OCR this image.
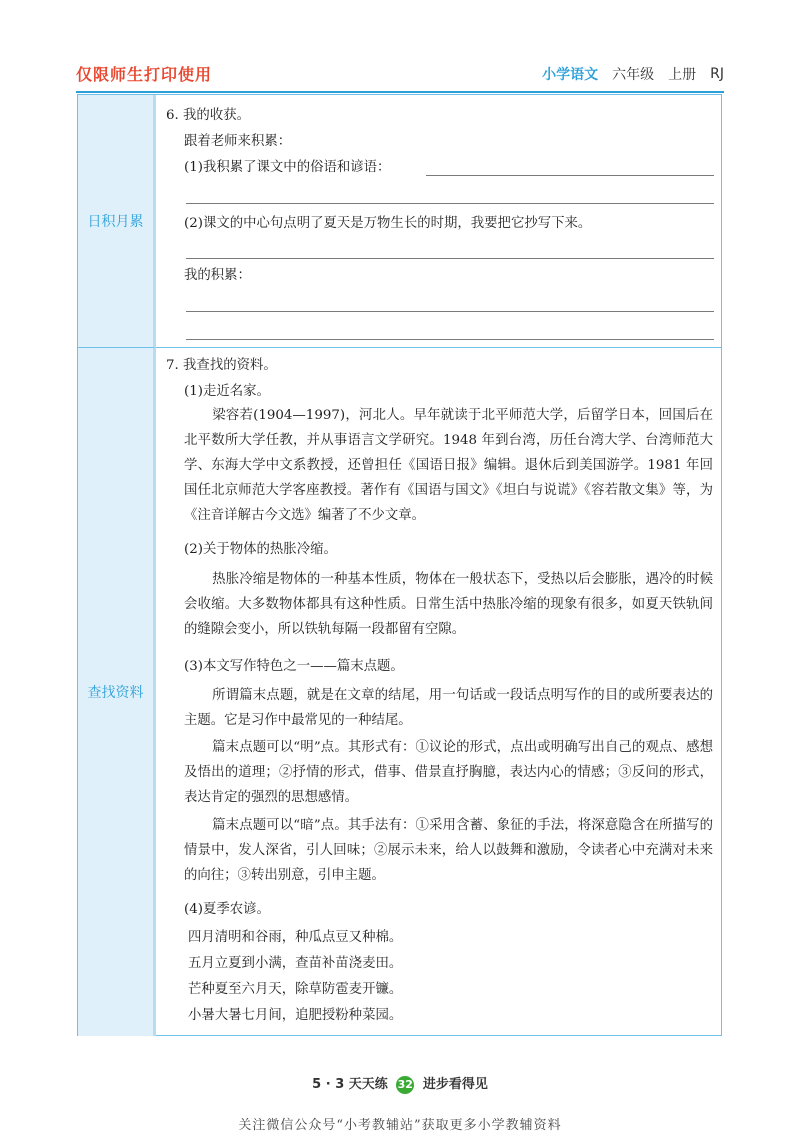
仅限师生打印使用	小学语文 六年级 上册 RJ
日积月累
查找资料
6. 我的收获。
跟着老师来积累：
(1)我积累了课文中的俗语和谚语：
(2)课文的中心句点明了夏天是万物生长的时期，我要把它抄写下来。
我的积累：
7. 我查找的资料。
(1)走近名家。
梁容若(1904—1997)，河北人。早年就读于北平师范大学，后留学日本，回国后在北平数所大学任教，并从事语言文学研究。1948 年到台湾，历任台湾大学、台湾师范大学、东海大学中文系教授，还曾担任《国语日报》编辑。退休后到美国游学。1981 年回国任北京师范大学客座教授。著作有《国语与国文》《坦白与说谎》《容若散文集》等，为《注音详解古今文选》编著了不少文章。
(2)关于物体的热胀冷缩。
热胀冷缩是物体的一种基本性质，物体在一般状态下，受热以后会膨胀，遇冷的时候会收缩。大多数物体都具有这种性质。日常生活中热胀冷缩的现象有很多，如夏天铁轨间的缝隙会变小，所以铁轨每隔一段都留有空隙。
(3)本文写作特色之一——篇末点题。
所谓篇末点题，就是在文章的结尾，用一句话或一段话点明写作的目的或所要表达的主题。它是习作中最常见的一种结尾。
篇末点题可以“明”点。其形式有：①议论的形式，点出或明确写出自己的观点、感想及悟出的道理；②抒情的形式，借事、借景直抒胸臆，表达内心的情感；③反问的形式，表达肯定的强烈的思想感情。
篇末点题可以“暗”点。其手法有：①采用含蓄、象征的手法，将深意隐含在所描写的情景中，发人深省，引人回味；②展示未来，给人以鼓舞和激励，令读者心中充满对未来的向往；③转出别意，引申主题。
(4)夏季农谚。
四月清明和谷雨，种瓜点豆又种棉。
五月立夏到小满，查苗补苗浇麦田。
芒种夏至六月天，除草防雹麦开镰。
小暑大暑七月间，追肥授粉种菜园。
5 · 3 天天练 32 进步看得见
关注微信公众号“小考教辅站”获取更多小学教辅资料
